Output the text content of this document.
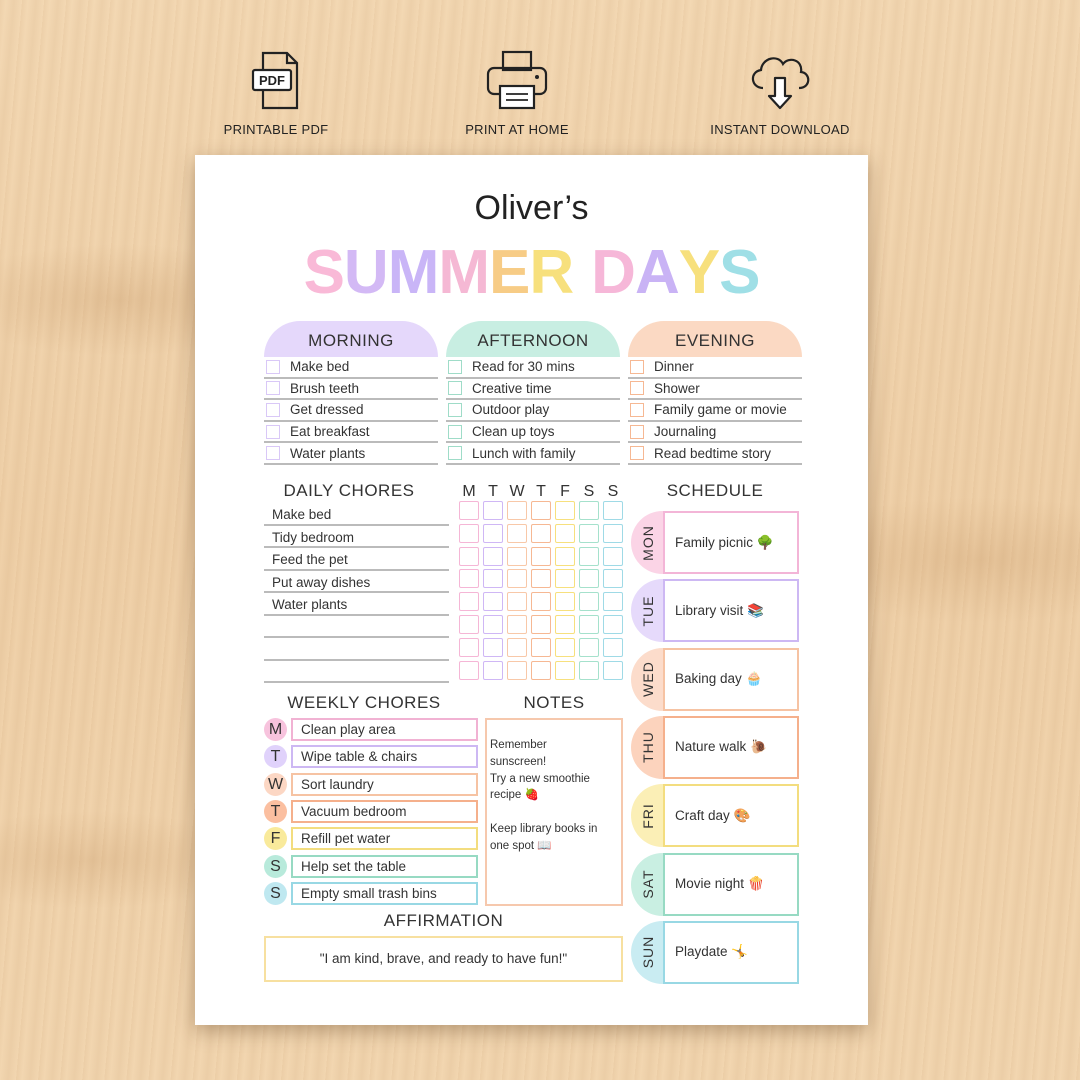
PDF
PRINTABLE PDF	PRINT AT HOME	INSTANT DOWNLOAD
Oliver’s
SUMMER DAYS
MORNING
Make bed
Brush teeth
Get dressed
Eat breakfast
Water plants
AFTERNOON
Read for 30 mins
Creative time
Outdoor play
Clean up toys
Lunch with family
EVENING
Dinner
Shower
Family game or movie
Journaling
Read bedtime story
DAILY CHORES
Make bed
Tidy bedroom
Feed the pet
Put away dishes
Water plants
M T W T F S S	SCHEDULE
MON	Family picnic 🌳
TUE	Library visit 📚
WED	Baking day 🧁
THU	Nature walk 🐌
FRI	Craft day 🎨
SAT	Movie night 🍿
SUN	Playdate 🤸
WEEKLY CHORES
M	Clean play area
T	Wipe table & chairs
W	Sort laundry
T	Vacuum bedroom
F	Refill pet water
S	Help set the table
S	Empty small trash bins
NOTES
Remember
sunscreen!
Try a new smoothie
recipe 🍓

Keep library books in
one spot 📖
AFFIRMATION
"I am kind, brave, and ready to have fun!"
